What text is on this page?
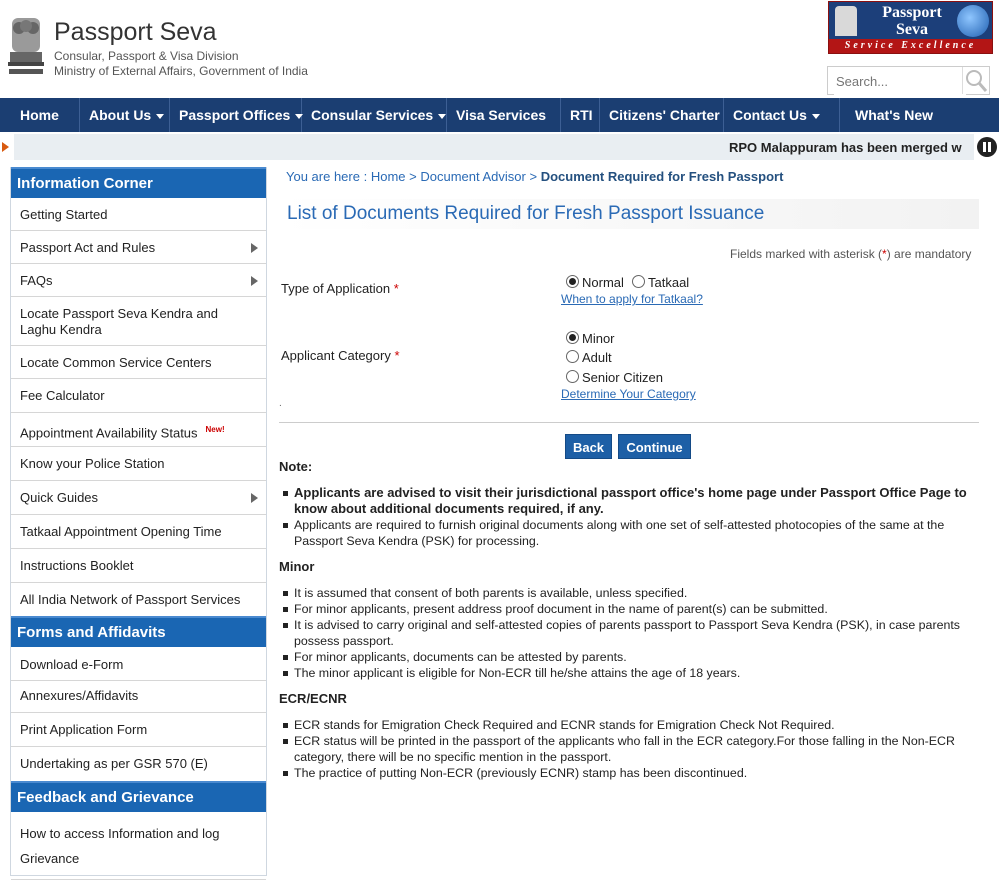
Passport Seva
Consular, Passport & Visa Division
Ministry of External Affairs, Government of India
Passport
Seva
Service Excellence
Search...
Home	About Us	Passport Offices	Consular Services	Visa Services	RTI	Citizens' Charter Contact Us	What's New
RPO Malappuram has been merged w
Information Corner
Getting Started
Passport Act and Rules
FAQs
Locate Passport Seva Kendra and Laghu Kendra
Locate Common Service Centers
Fee Calculator
Appointment Availability Status $^{New!}$
Know your Police Station
Quick Guides
Tatkaal Appointment Opening Time
Instructions Booklet
All India Network of Passport Services
Forms and Affidavits
Download e-Form
Annexures/Affidavits
Print Application Form
Undertaking as per GSR 570 (E)
Feedback and Grievance
How to access Information and log Grievance
You are here : Home > Document Advisor > Document Required for Fresh Passport
List of Documents Required for Fresh Passport Issuance
Fields marked with asterisk (*) are mandatory
Type of Application *	Normal Tatkaal
When to apply for Tatkaal?
Applicant Category *
Minor
Adult
Senior Citizen
Determine Your Category
.
Back	Continue
Note:
Applicants are advised to visit their jurisdictional passport office's home page under Passport Office Page to know about additional documents required, if any.
Applicants are required to furnish original documents along with one set of self-attested photocopies of the same at the Passport Seva Kendra (PSK) for processing.
Minor
It is assumed that consent of both parents is available, unless specified.
For minor applicants, present address proof document in the name of parent(s) can be submitted.
It is advised to carry original and self-attested copies of parents passport to Passport Seva Kendra (PSK), in case parents possess passport.
For minor applicants, documents can be attested by parents.
The minor applicant is eligible for Non-ECR till he/she attains the age of 18 years.
ECR/ECNR
ECR stands for Emigration Check Required and ECNR stands for Emigration Check Not Required.
ECR status will be printed in the passport of the applicants who fall in the ECR category.For those falling in the Non-ECR category, there will be no specific mention in the passport.
The practice of putting Non-ECR (previously ECNR) stamp has been discontinued.
